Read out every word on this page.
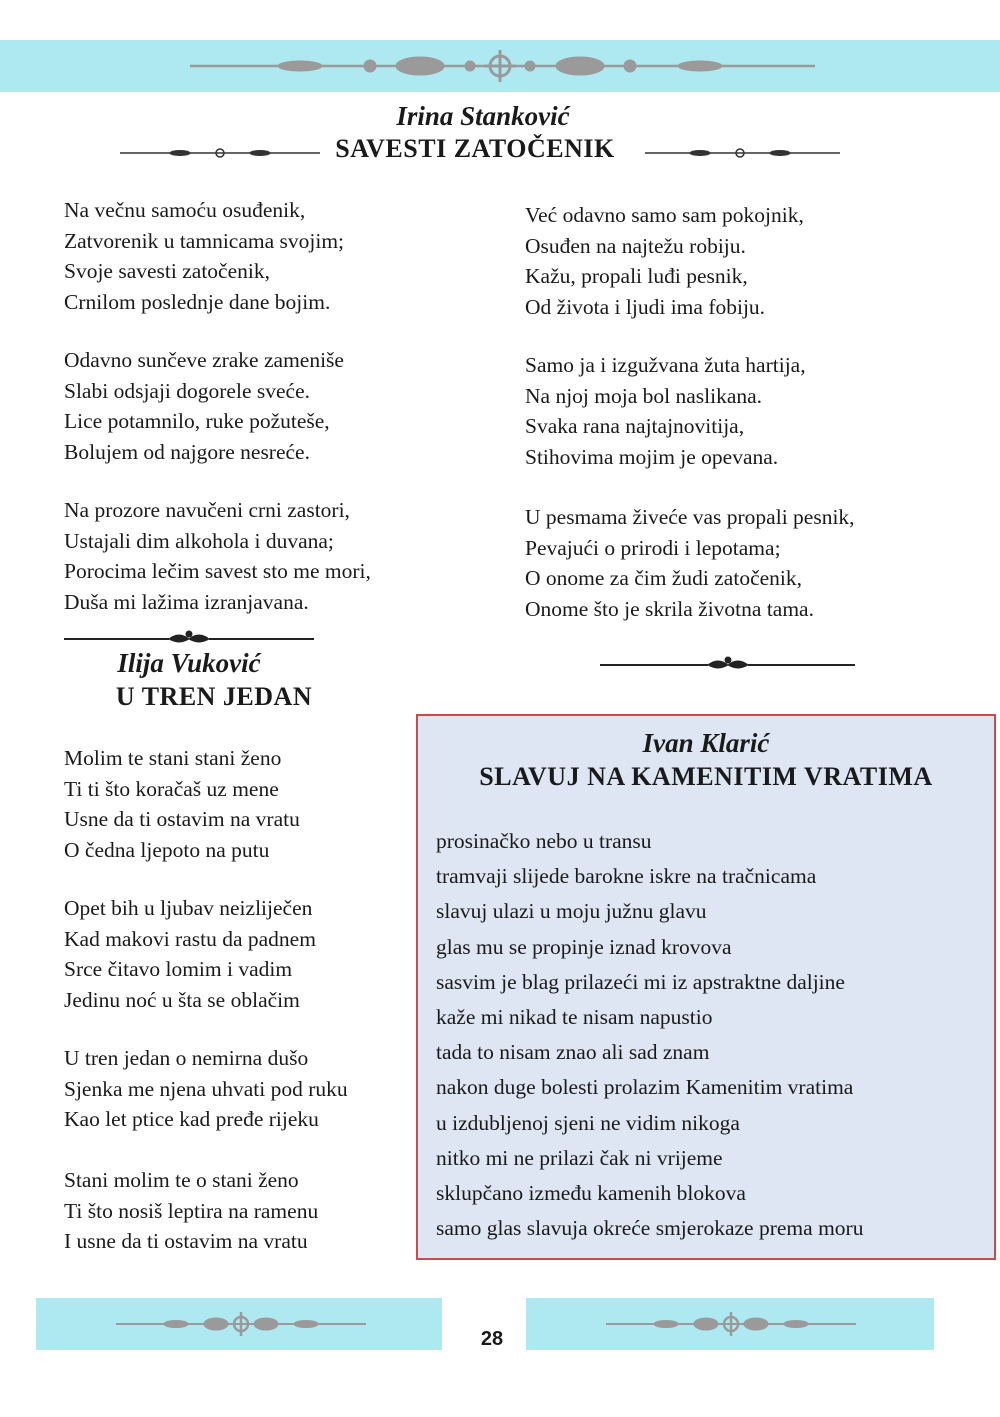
Irina Stanković
SAVESTI ZATOČENIK
Na večnu samoću osuđenik,
Zatvorenik u tamnicama svojim;
Svoje savesti zatočenik,
Crnilom poslednje dane bojim.
Odavno sunčeve zrake zameniše
Slabi odsjaji dogorele sveće.
Lice potamnilo, ruke požuteše,
Bolujem od najgore nesreće.
Na prozore navučeni crni zastori,
Ustajali dim alkohola i duvana;
Porocima lečim savest sto me mori,
Duša mi lažima izranjavana.
Već odavno samo sam pokojnik,
Osuđen na najtežu robiju.
Kažu, propali luđi pesnik,
Od života i ljudi ima fobiju.
Samo ja i izgužvana žuta hartija,
Na njoj moja bol naslikana.
Svaka rana najtajnovitija,
Stihovima mojim je opevana.
U pesmama živeće vas propali pesnik,
Pevajući o prirodi i lepotama;
O onome za čim žudi zatočenik,
Onome što je skrila životna tama.
Ilija Vuković
U TREN JEDAN
Molim te stani stani ženo
Ti ti što koračaš uz mene
Usne da ti ostavim na vratu
O čedna ljepoto na putu
Opet bih u ljubav neizliječen
Kad makovi rastu da padnem
Srce čitavo lomim i vadim
Jedinu noć u šta se oblačim
U tren jedan o nemirna dušo
Sjenka me njena uhvati pod ruku
Kao let ptice kad pređe rijeku
Stani molim te o stani ženo
Ti što nosiš leptira na ramenu
I usne da ti ostavim na vratu
Ivan Klarić
SLAVUJ NA KAMENITIM VRATIMA
prosinačko nebo u transu
tramvaji slijede barokne iskre na tračnicama
slavuj ulazi u moju južnu glavu
glas mu se propinje iznad krovova
sasvim je blag prilazeći mi iz apstraktne daljine
kaže mi nikad te nisam napustio
tada to nisam znao ali sad znam
nakon duge bolesti prolazim Kamenitim vratima
u izdubljenoj sjeni ne vidim nikoga
nitko mi ne prilazi čak ni vrijeme
sklupčano između kamenih blokova
samo glas slavuja okreće smjerokaze prema moru
28
